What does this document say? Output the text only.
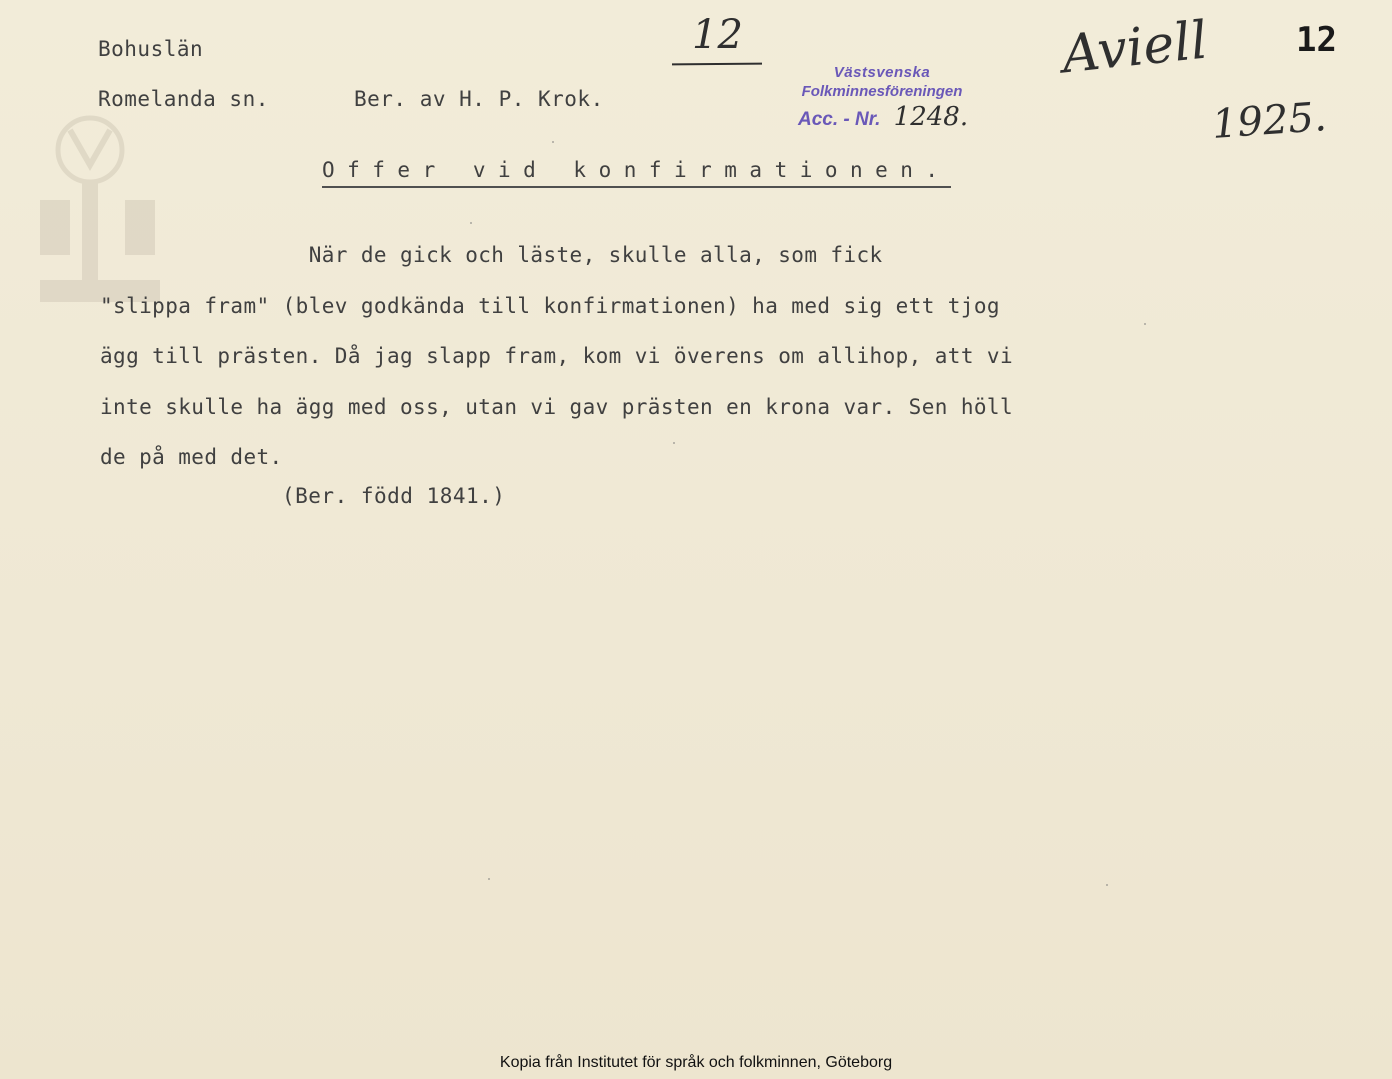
Bohuslän
Romelanda sn.	Ber. av H. P. Krok.
12
Västsvenska
Folkminnesföreningen
Acc. - Nr. 1248.
Aviell
1925.
12
Offer vid konfirmationen.
När de gick och läste, skulle alla, som fick
"slippa fram" (blev godkända till konfirmationen) ha med sig ett tjog
ägg till prästen. Då jag slapp fram, kom vi överens om allihop, att vi
inte skulle ha ägg med oss, utan vi gav prästen en krona var. Sen höll
de på med det.
(Ber. född 1841.)
Kopia från Institutet för språk och folkminnen, Göteborg
